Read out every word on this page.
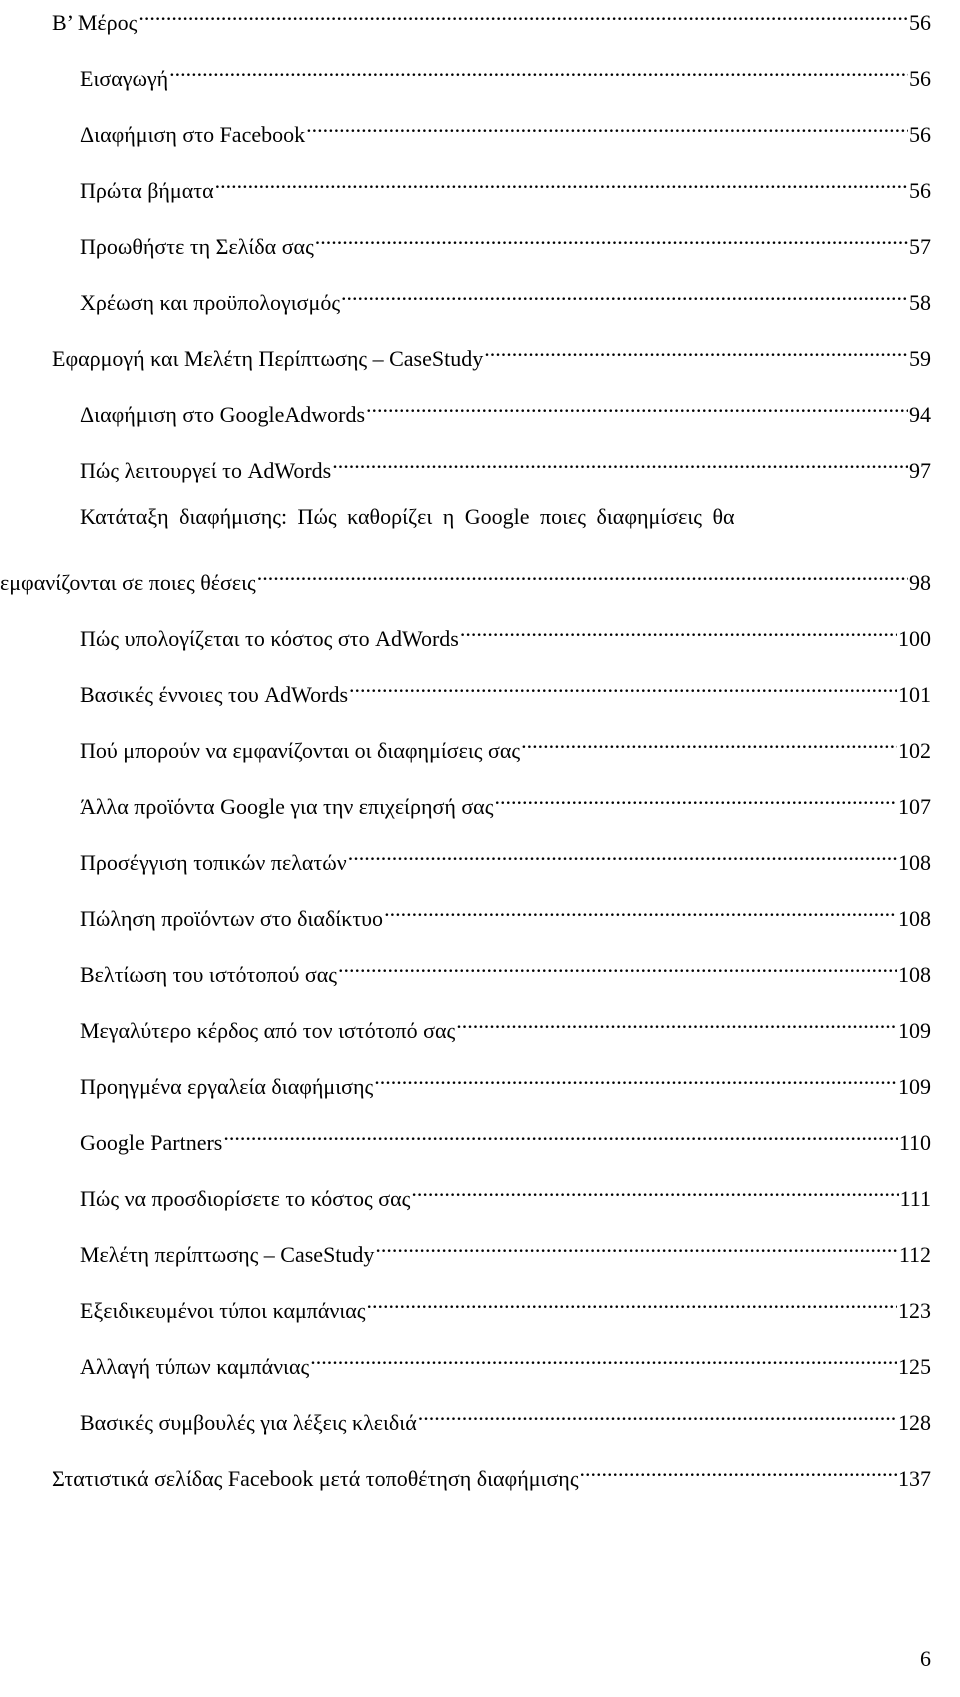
Β’ Μέρος .....	56
Εισαγωγή .....	56
Διαφήμιση στο Facebook .....	56
Πρώτα βήματα .....	56
Προωθήστε τη Σελίδα σας .....	57
Χρέωση και προϋπολογισμός .....	58
Εφαρμογή και Μελέτη Περίπτωσης – CaseStudy .....	59
Διαφήμιση στο GoogleAdwords .....	94
Πώς λειτουργεί το AdWords .....	97
Κατάταξη διαφήμισης: Πώς καθορίζει η Google ποιες διαφημίσεις θα
εμφανίζονται σε ποιες θέσεις .....	98
Πώς υπολογίζεται το κόστος στο AdWords .....	100
Βασικές έννοιες του AdWords .....	101
Πού μπορούν να εμφανίζονται οι διαφημίσεις σας .....	102
Άλλα προϊόντα Google για την επιχείρησή σας .....	107
Προσέγγιση τοπικών πελατών .....	108
Πώληση προϊόντων στο διαδίκτυο .....	108
Βελτίωση του ιστότοπού σας .....	108
Μεγαλύτερο κέρδος από τον ιστότοπό σας .....	109
Προηγμένα εργαλεία διαφήμισης .....	109
Google Partners .....	110
Πώς να προσδιορίσετε το κόστος σας .....	111
Μελέτη περίπτωσης – CaseStudy .....	112
Εξειδικευμένοι τύποι καμπάνιας .....	123
Αλλαγή τύπων καμπάνιας .....	125
Βασικές συμβουλές για λέξεις κλειδιά .....	128
Στατιστικά σελίδας Facebook μετά τοποθέτηση διαφήμισης .....	137
6
